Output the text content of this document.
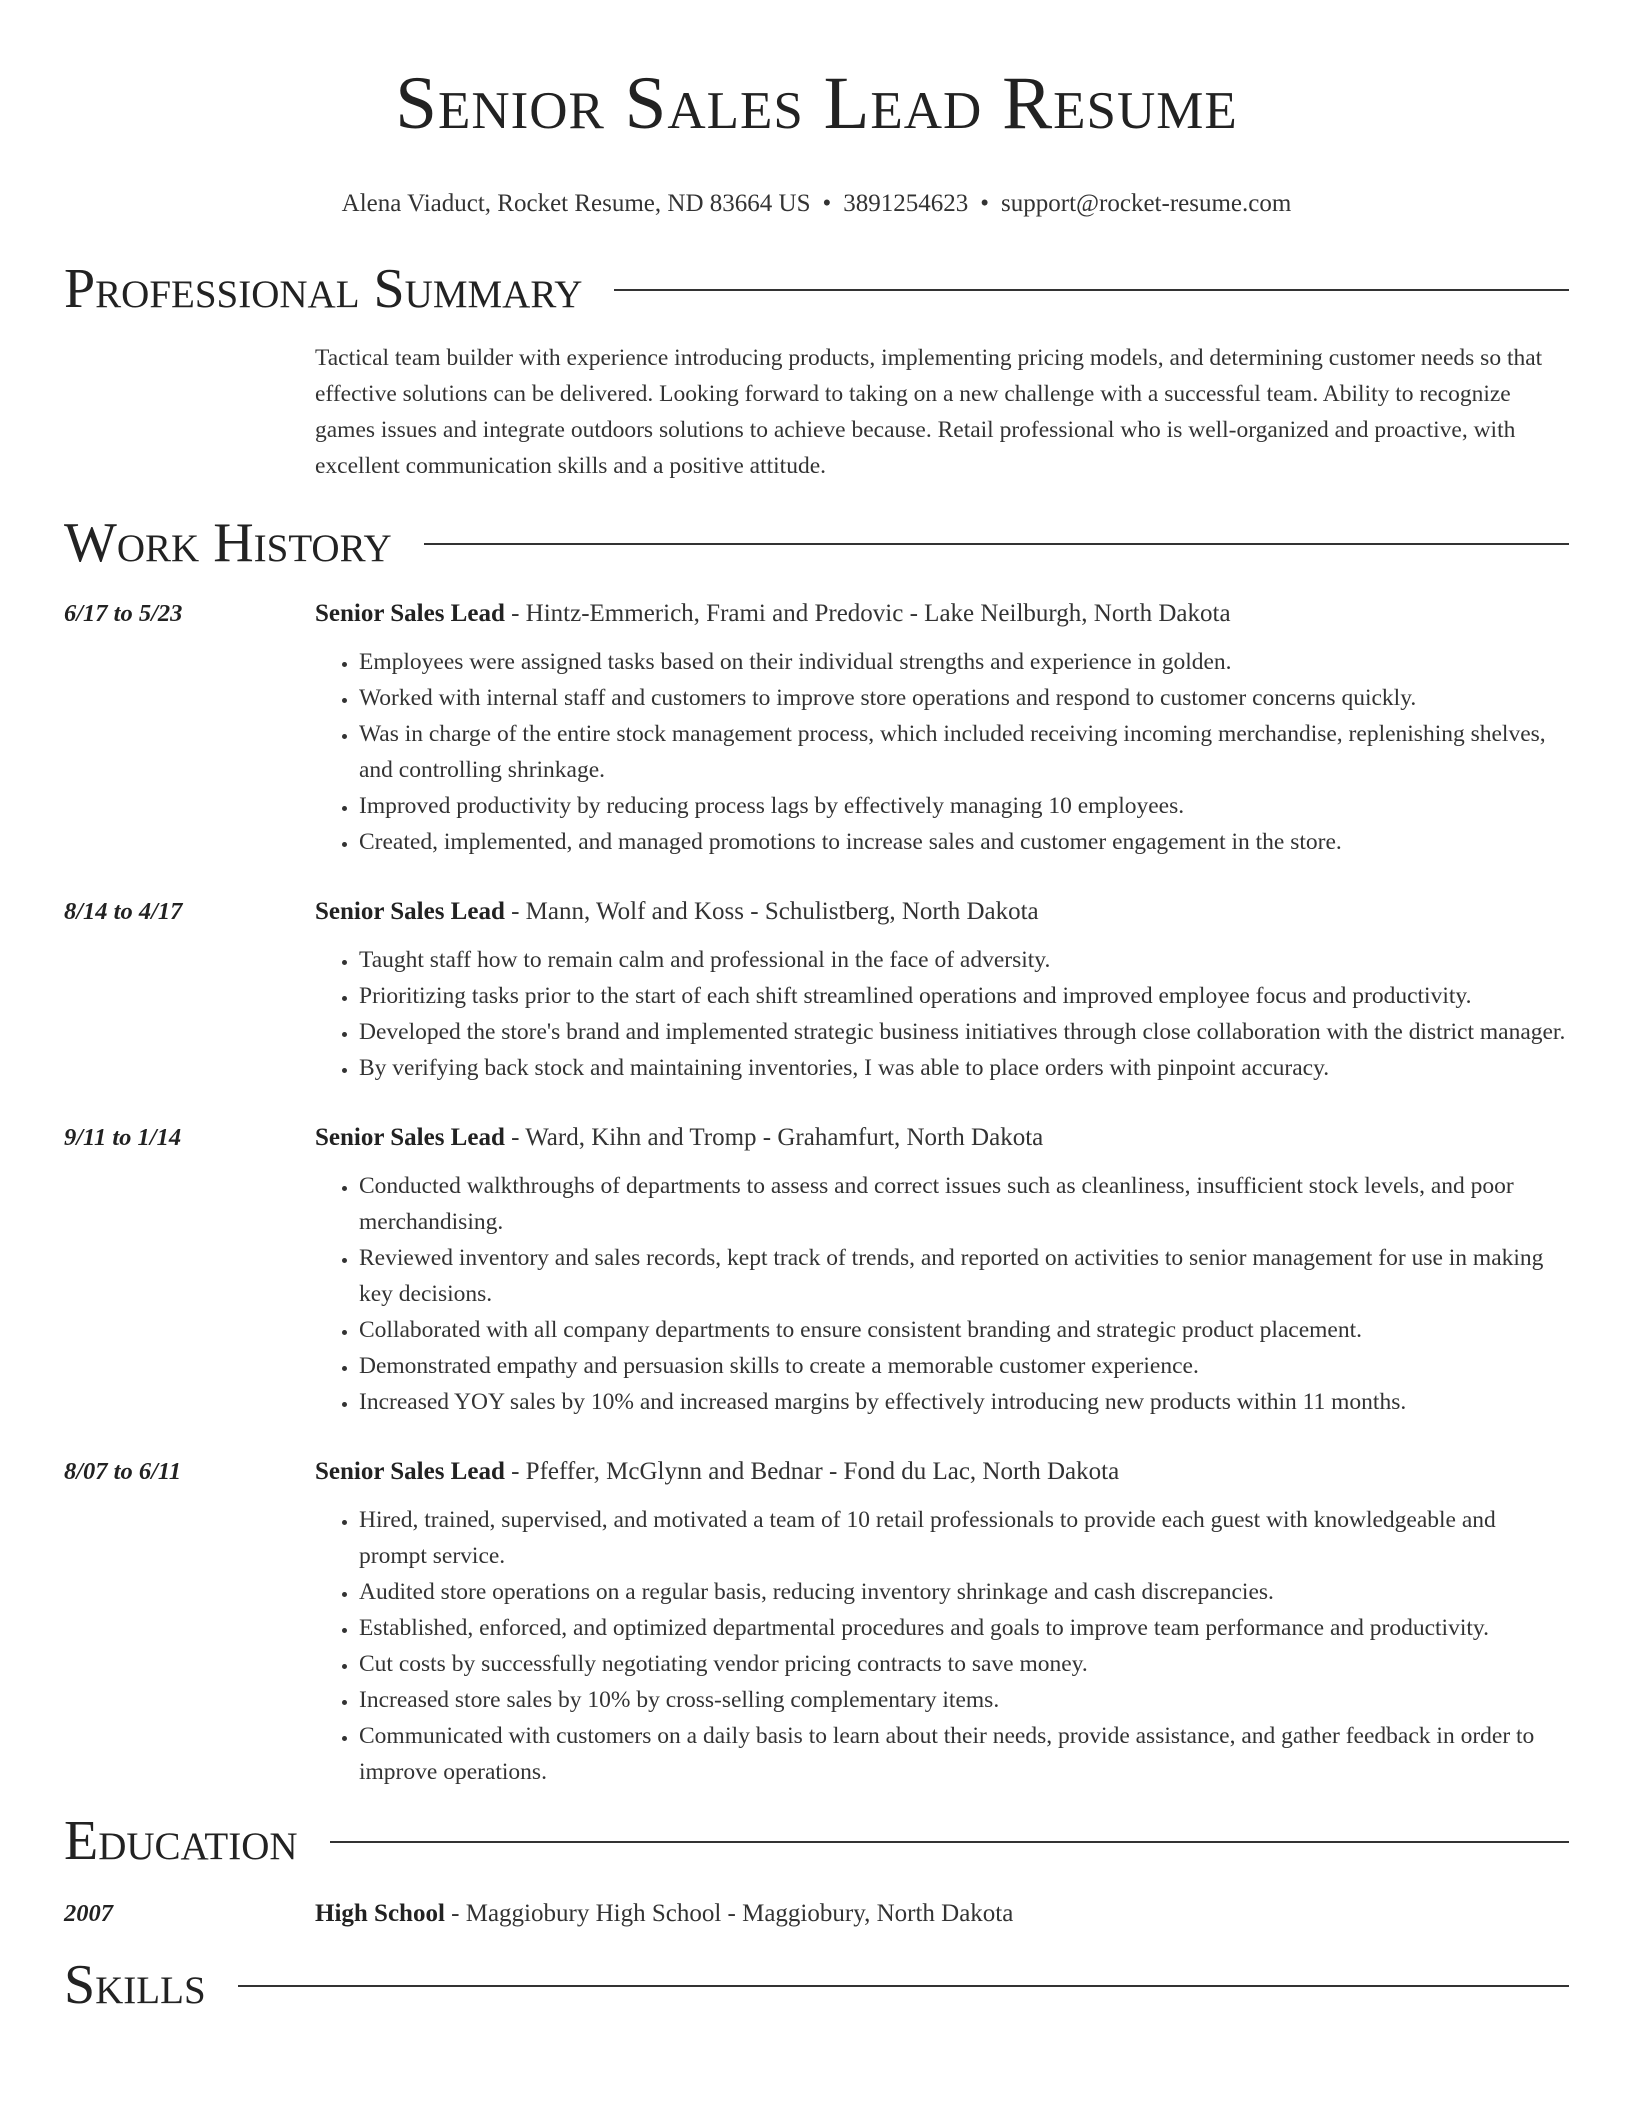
Senior Sales Lead Resume
Alena Viaduct, Rocket Resume, ND 83664 US • 3891254623 • support@rocket-resume.com
Professional Summary
Tactical team builder with experience introducing products, implementing pricing models, and determining customer needs so that effective solutions can be delivered. Looking forward to taking on a new challenge with a successful team. Ability to recognize games issues and integrate outdoors solutions to achieve because. Retail professional who is well-organized and proactive, with excellent communication skills and a positive attitude.
Work History
6/17 to 5/23	Senior Sales Lead - Hintz-Emmerich, Frami and Predovic - Lake Neilburgh, North Dakota
• Employees were assigned tasks based on their individual strengths and experience in golden.
• Worked with internal staff and customers to improve store operations and respond to customer concerns quickly.
• Was in charge of the entire stock management process, which included receiving incoming merchandise, replenishing shelves, and controlling shrinkage.
• Improved productivity by reducing process lags by effectively managing 10 employees.
• Created, implemented, and managed promotions to increase sales and customer engagement in the store.
8/14 to 4/17	Senior Sales Lead - Mann, Wolf and Koss - Schulistberg, North Dakota
• Taught staff how to remain calm and professional in the face of adversity.
• Prioritizing tasks prior to the start of each shift streamlined operations and improved employee focus and productivity.
• Developed the store's brand and implemented strategic business initiatives through close collaboration with the district manager.
• By verifying back stock and maintaining inventories, I was able to place orders with pinpoint accuracy.
9/11 to 1/14	Senior Sales Lead - Ward, Kihn and Tromp - Grahamfurt, North Dakota
• Conducted walkthroughs of departments to assess and correct issues such as cleanliness, insufficient stock levels, and poor merchandising.
• Reviewed inventory and sales records, kept track of trends, and reported on activities to senior management for use in making key decisions.
• Collaborated with all company departments to ensure consistent branding and strategic product placement.
• Demonstrated empathy and persuasion skills to create a memorable customer experience.
• Increased YOY sales by 10% and increased margins by effectively introducing new products within 11 months.
8/07 to 6/11	Senior Sales Lead - Pfeffer, McGlynn and Bednar - Fond du Lac, North Dakota
• Hired, trained, supervised, and motivated a team of 10 retail professionals to provide each guest with knowledgeable and prompt service.
• Audited store operations on a regular basis, reducing inventory shrinkage and cash discrepancies.
• Established, enforced, and optimized departmental procedures and goals to improve team performance and productivity.
• Cut costs by successfully negotiating vendor pricing contracts to save money.
• Increased store sales by 10% by cross-selling complementary items.
• Communicated with customers on a daily basis to learn about their needs, provide assistance, and gather feedback in order to improve operations.
Education
2007	High School - Maggiobury High School - Maggiobury, North Dakota
Skills
